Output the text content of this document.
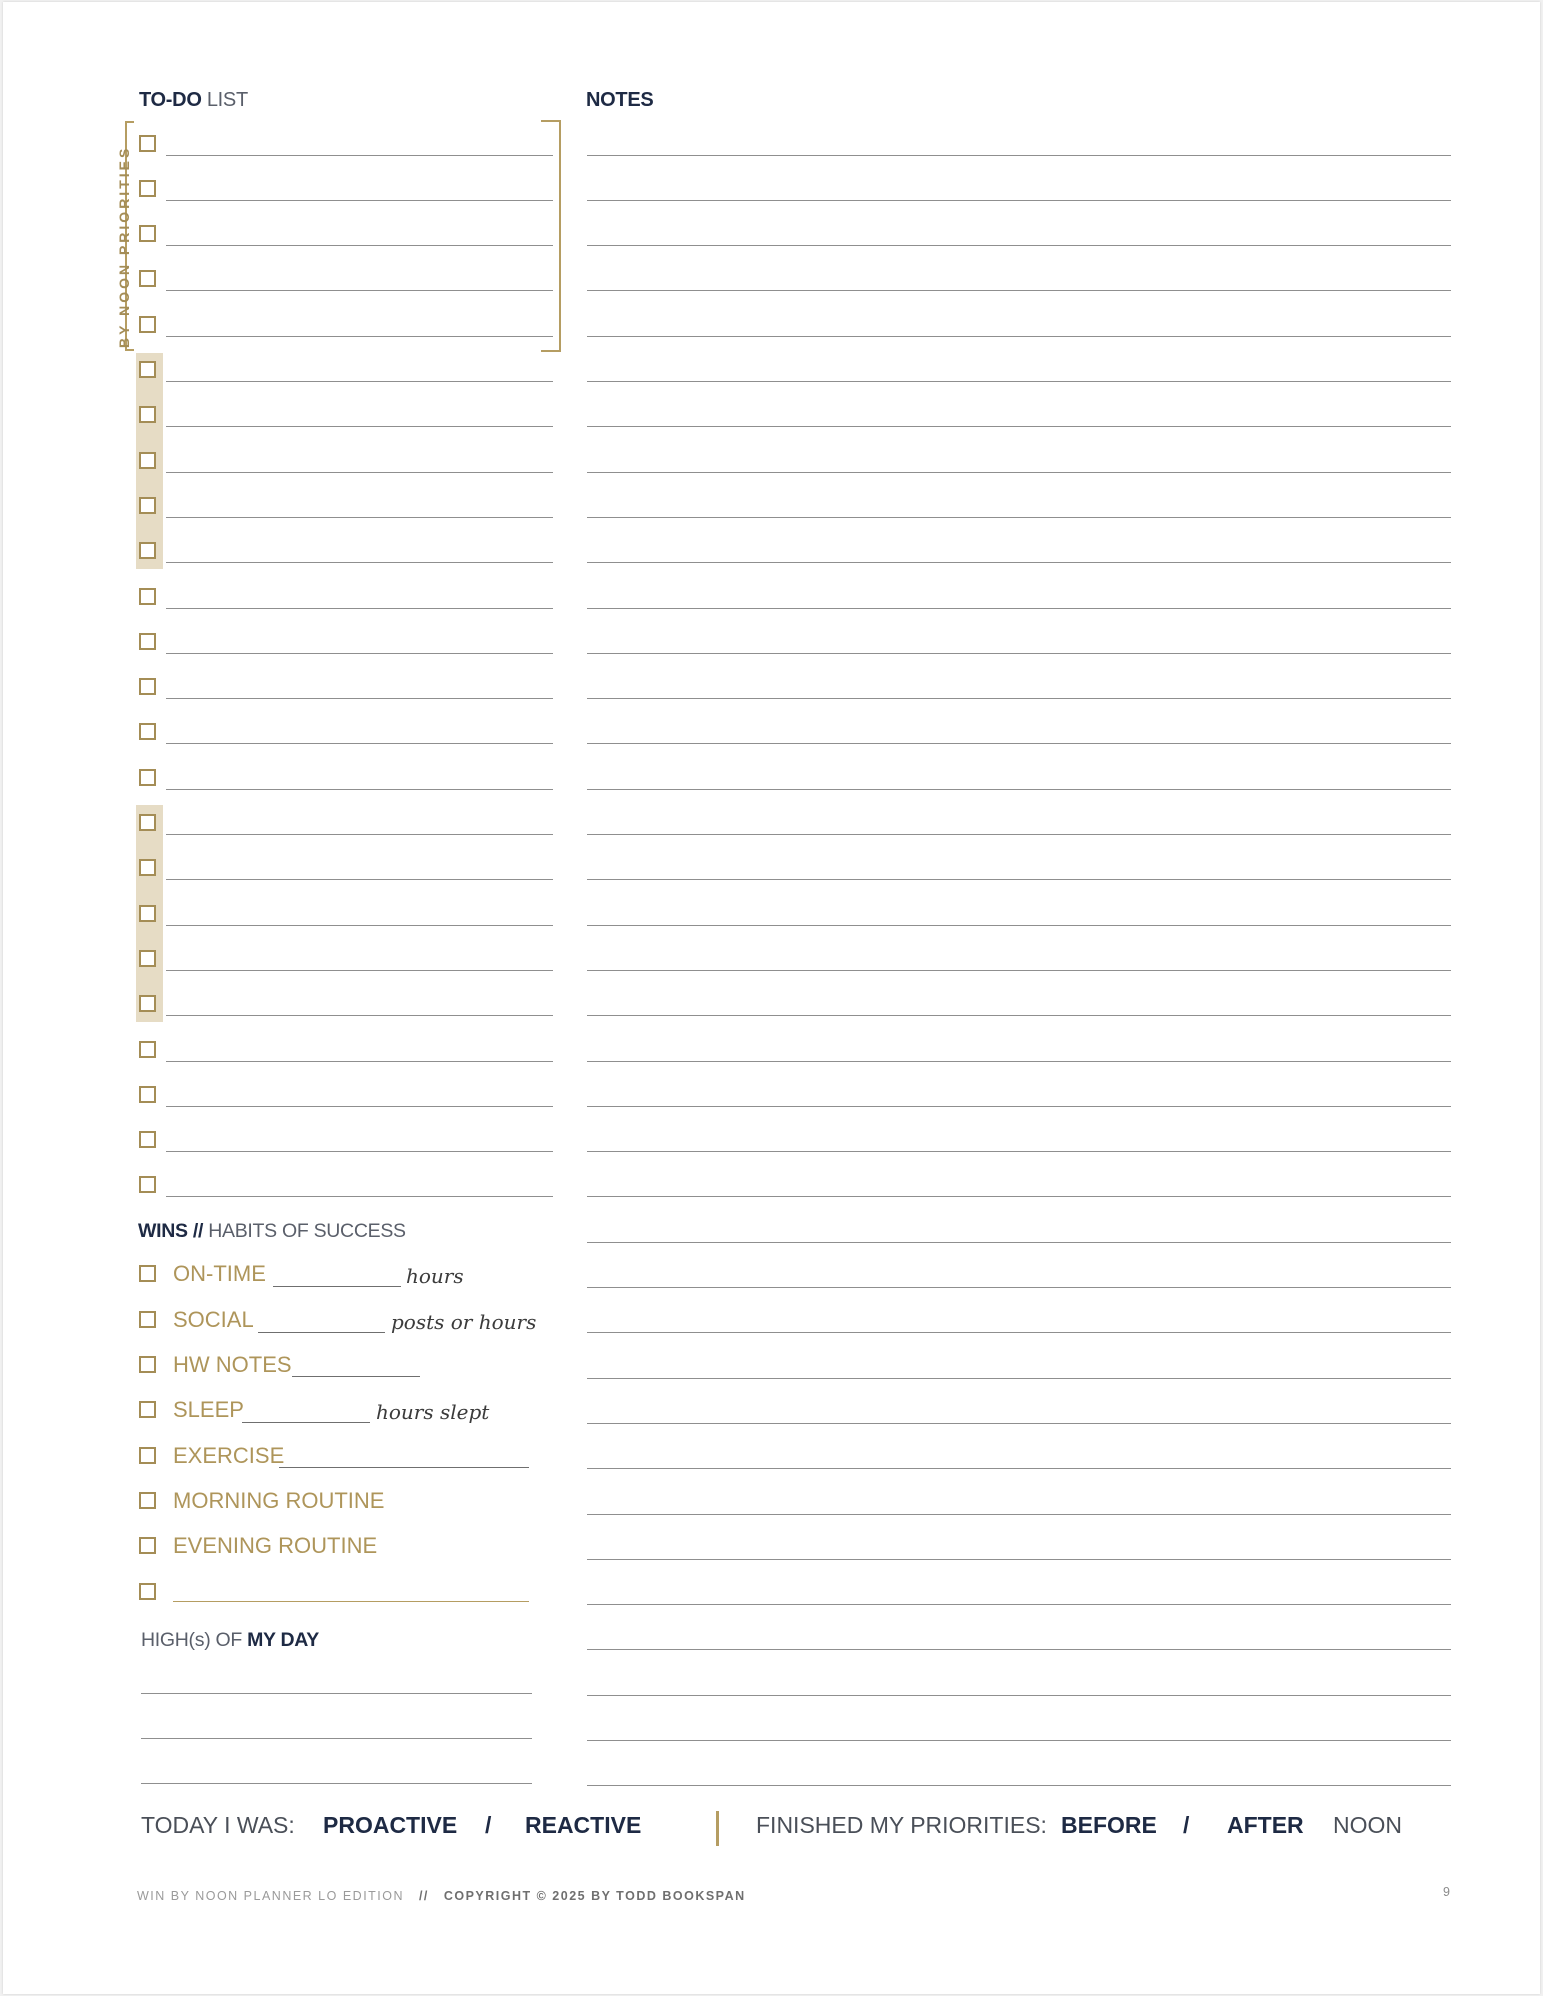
TO-DO LIST	NOTES
BY NOON PRIORITIES
WINS // HABITS OF SUCCESS
ON-TIME	hours
SOCIAL	posts or hours
HW NOTES
SLEEP	hours slept
EXERCISE
MORNING ROUTINE
EVENING ROUTINE
HIGH(s) OF MY DAY
TODAY I WAS: PROACTIVE / REACTIVE	FINISHED MY PRIORITIES: BEFORE / AFTER NOON
WIN BY NOON PLANNER LO EDITION // COPYRIGHT © 2025 BY TODD BOOKSPAN	9
